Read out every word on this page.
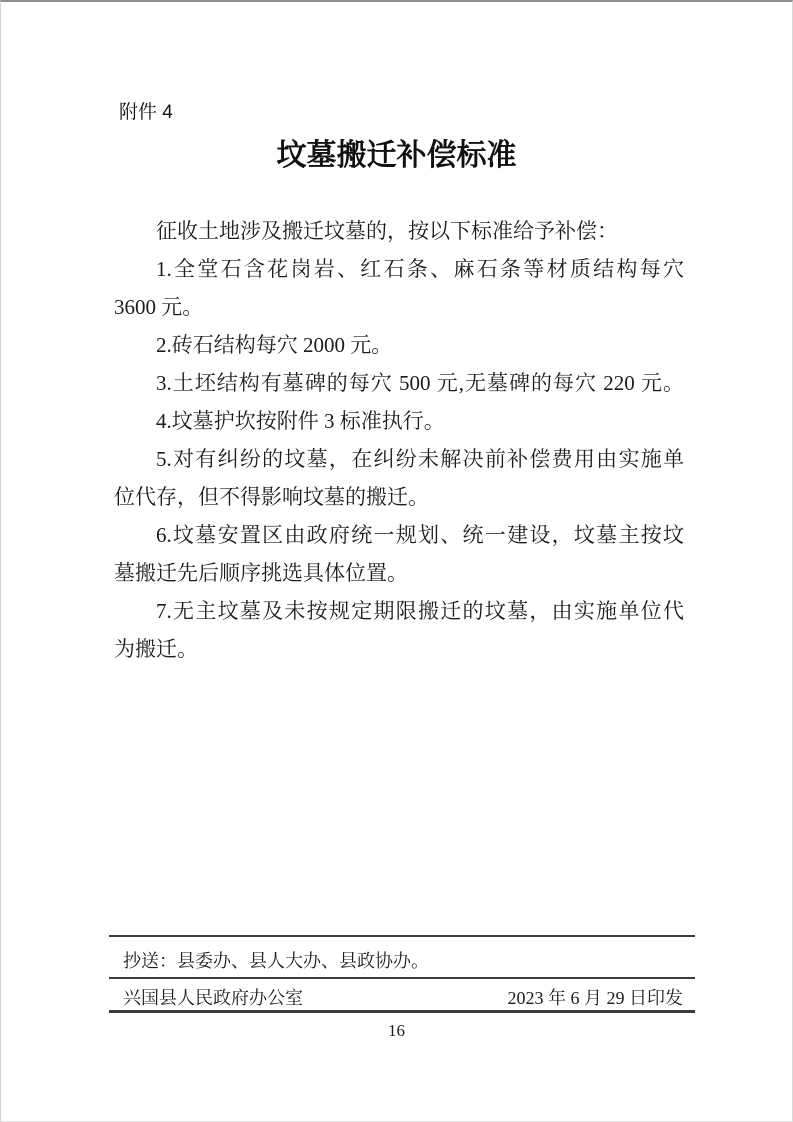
附件 4
坟墓搬迁补偿标准
征收土地涉及搬迁坟墓的，按以下标准给予补偿：
1.全堂石含花岗岩、红石条、麻石条等材质结构每穴
3600 元。
2.砖石结构每穴 2000 元。
3.土坯结构有墓碑的每穴 500 元,无墓碑的每穴 220 元。
4.坟墓护坎按附件 3 标准执行。
5.对有纠纷的坟墓，在纠纷未解决前补偿费用由实施单
位代存，但不得影响坟墓的搬迁。
6.坟墓安置区由政府统一规划、统一建设，坟墓主按坟
墓搬迁先后顺序挑选具体位置。
7.无主坟墓及未按规定期限搬迁的坟墓，由实施单位代
为搬迁。
抄送：县委办、县人大办、县政协办。
兴国县人民政府办公室	2023 年 6 月 29 日印发
16
